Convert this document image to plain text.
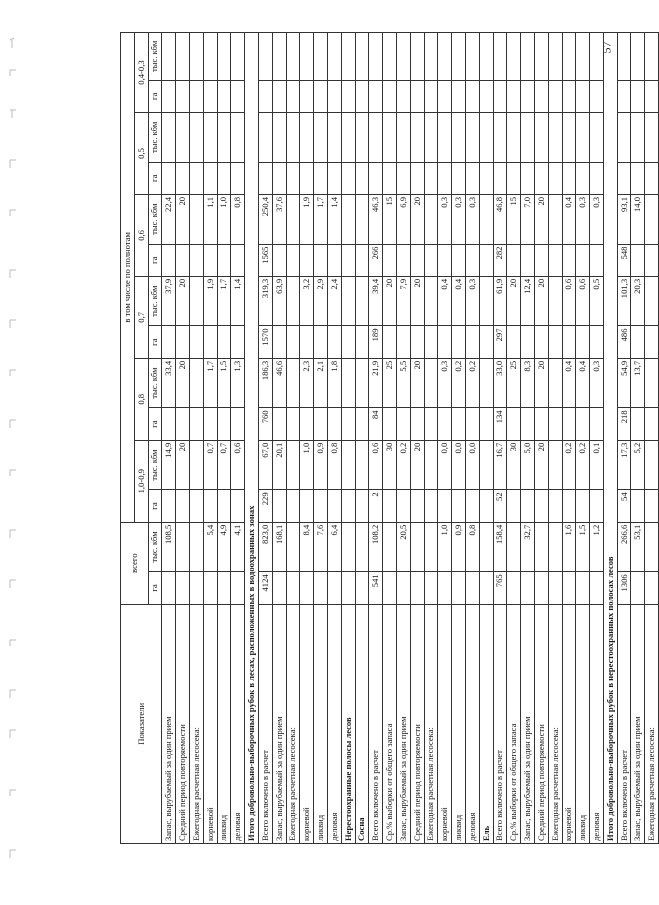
57
Показатели	всего		в том числе по полнотам											
			1,0-0,9		0,8		0,7		0,6		0,5		0,4-0,3	
	га	тыс. кбм	га	тыс. кбм	га	тыс. кбм	га	тыс. кбм	га	тыс. кбм	га	тыс. кбм	га	тыс. кбм
Запас, вырубаемый за один прием		108,5		14,9		33,4		37,9		22,4				
Средний период повторяемости				20		20		20		20				
Ежегодная расчетная лесосека:														
корневой		5,4		0,7		1,7		1,9		1,1				
ликвид		4,9		0,7		1,5		1,7		1,0				
деловая		4,1		0,6		1,3		1,4		0,8				
Итого добровольно-выборочных рубок в лесах, расположенных в водоохранных зонах														
Всего включено в расчет	4124	823,0	229	67,0	760	186,3	1570	319,3	1565	250,4				
Запас, вырубаемый за один прием		168,1		20,1		46,6		63,9		37,6				
Ежегодная расчетная лесосека:														
корневой		8,4		1,0		2,3		3,2		1,9				
ликвид		7,6		0,9		2,1		2,9		1,7				
деловая		6,4		0,8		1,8		2,4		1,4				
Нерестоохранные полосы лесов														
Сосна														
Всего включено в расчет	541	108,2	2	0,6	84	21,9	189	39,4	266	46,3				
Ср.% выборки от общего запаса				30		25		20		15				
Запас, вырубаемый за один прием		20,5		0,2		5,5		7,9		6,9				
Средний период повторяемости				20		20		20		20				
Ежегодная расчетная лесосека:														
корневой		1,0		0,0		0,3		0,4		0,3				
ликвид		0,9		0,0		0,2		0,4		0,3				
деловая		0,8		0,0		0,2		0,3		0,3				
Ель														
Всего включено в расчет	765	158,4	52	16,7	134	33,0	297	61,9	282	46,8				
Ср.% выборки от общего запаса				30		25		20		15				
Запас, вырубаемый за один прием		32,7		5,0		8,3		12,4		7,0				
Средний период повторяемости				20		20		20		20				
Ежегодная расчетная лесосека:														
корневой		1,6		0,2		0,4		0,6		0,4				
ликвид		1,5		0,2		0,4		0,6		0,3				
деловая		1,2		0,1		0,3		0,5		0,3				
Итого добровольно-выборочных рубок в нерестоохранных полосах лесов														
Всего включено в расчет	1306	266,6	54	17,3	218	54,9	486	101,3	548	93,1				
Запас, вырубаемый за один прием		53,1		5,2		13,7		20,3		14,0				
Ежегодная расчетная лесосека:														
